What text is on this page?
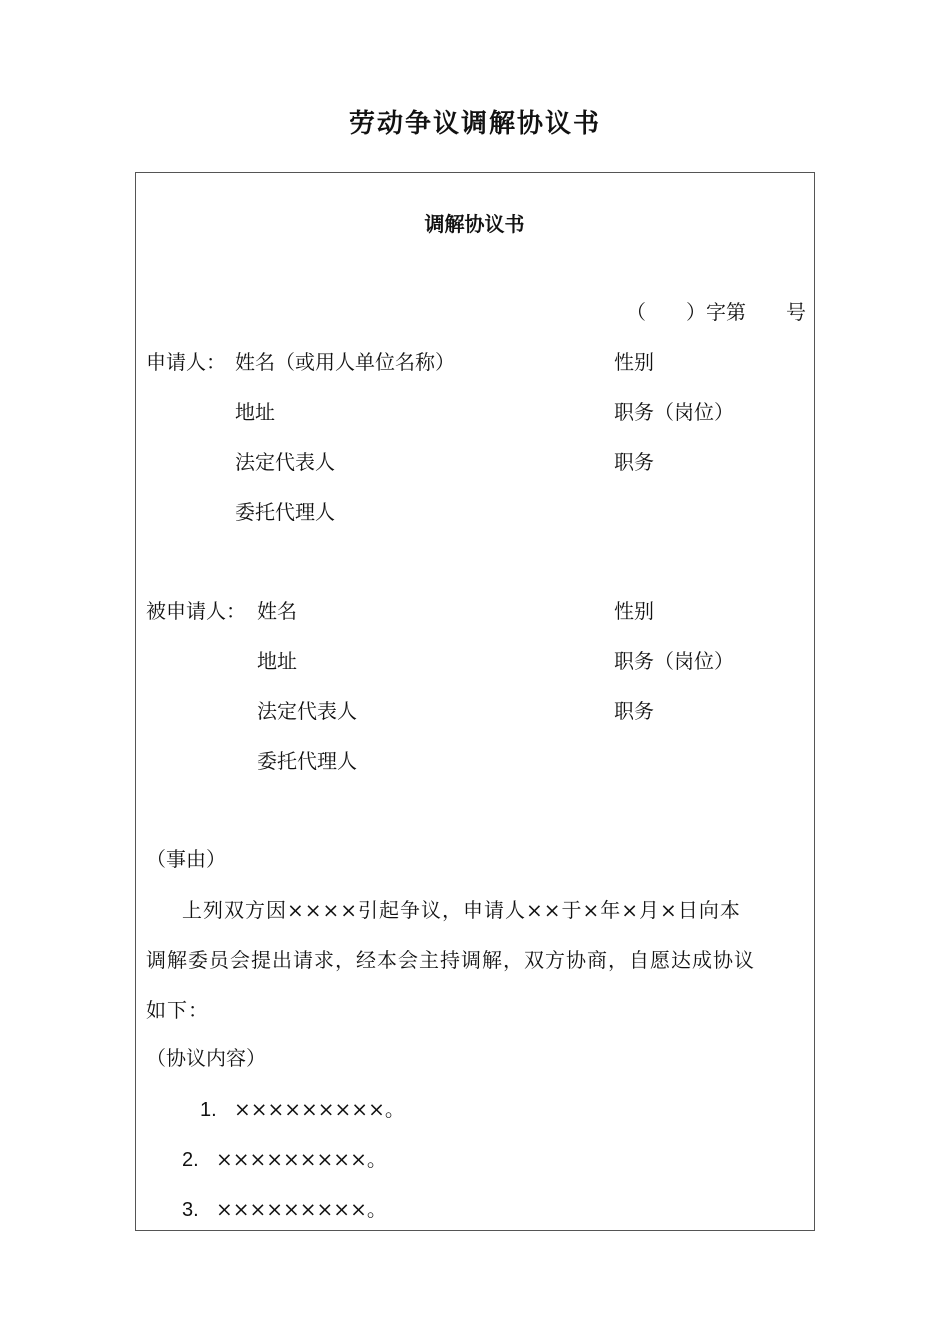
劳动争议调解协议书
调解协议书
（ ）字第 号
申请人： 姓名（或用人单位名称）	性别
地址	职务（岗位）
法定代表人	职务
委托代理人
被申请人： 姓名	性别
地址	职务（岗位）
法定代表人	职务
委托代理人
（事由）
上列双方因××××引起争议，申请人××于×年×月×日向本
调解委员会提出请求，经本会主持调解，双方协商，自愿达成协议
如下：
（协议内容）
1. ×××××××××。
2. ×××××××××。
3. ×××××××××。
